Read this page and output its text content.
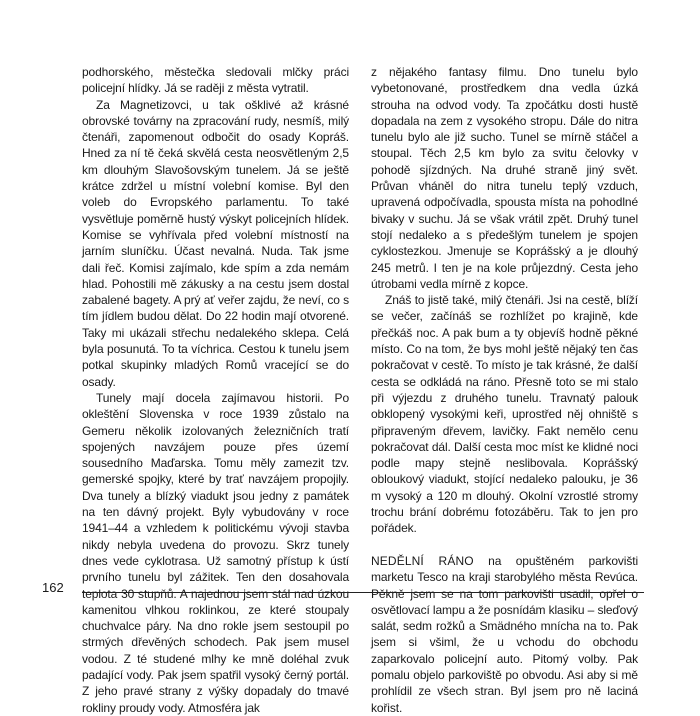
podhorského, městečka sledovali mlčky práci policejní hlídky. Já se raději z města vytratil.

Za Magnetizovci, u tak ošklivé až krásné obrovské továrny na zpracování rudy, nesmíš, milý čtenáři, zapomenout odbočit do osady Kopráš. Hned za ní tě čeká skvělá cesta neosvětleným 2,5 km dlouhým Slavošovským tunelem. Já se ještě krátce zdržel u místní volební komise. Byl den voleb do Evropského parlamentu. To také vysvětluje poměrně hustý výskyt policejních hlídek. Komise se vyhřívala před volební místností na jarním sluníčku. Účast nevalná. Nuda. Tak jsme dali řeč. Komisi zajímalo, kde spím a zda nemám hlad. Pohostili mě zákusky a na cestu jsem dostal zabalené bagety. A prý ať veřer zajdu, že neví, co s tím jídlem budou dělat. Do 22 hodin mají otvorené. Taky mi ukázali střechu nedalekého sklepa. Celá byla posunutá. To ta víchrica. Cestou k tunelu jsem potkal skupinky mladých Romů vracející se do osady.

Tunely mají docela zajímavou historii. Po okleštění Slovenska v roce 1939 zůstalo na Gemeru několik izolovaných železničních tratí spojených navzájem pouze přes území sousedního Maďarska. Tomu měly zamezit tzv. gemerské spojky, které by trať navzájem propojily. Dva tunely a blízký viadukt jsou jedny z památek na ten dávný projekt. Byly vybudovány v roce 1941–44 a vzhledem k politickému vývoji stavba nikdy nebyla uvedena do provozu. Skrz tunely dnes vede cyklotrasa. Už samotný přístup k ústí prvního tunelu byl zážitek. Ten den dosahovala teplota 30 stupňů. A najednou jsem stál nad úzkou kamenitou vlhkou roklinkou, ze které stoupaly chuchvalce páry. Na dno rokle jsem sestoupil po strmých dřevěných schodech. Pak jsem musel vodou. Z té studené mlhy ke mně doléhal zvuk padající vody. Pak jsem spatřil vysoký černý portál. Z jeho pravé strany z výšky dopadaly do tmavé rokliny proudy vody. Atmosféra jak

z nějakého fantasy filmu. Dno tunelu bylo vybetonované, prostředkem dna vedla úzká strouha na odvod vody. Ta zpočátku dosti hustě dopadala na zem z vysokého stropu. Dále do nitra tunelu bylo ale již sucho. Tunel se mírně stáčel a stoupal. Těch 2,5 km bylo za svitu čelovky v pohodě sjízdných. Na druhé straně jiný svět. Průvan vháněl do nitra tunelu teplý vzduch, upravená odpočívadla, spousta místa na pohodlné bivaky v suchu. Já se však vrátil zpět. Druhý tunel stojí nedaleko a s předešlým tunelem je spojen cyklostezkou. Jmenuje se Koprášský a je dlouhý 245 metrů. I ten je na kole průjezdný. Cesta jeho útrobami vedla mírně z kopce.

Znáš to jistě také, milý čtenáři. Jsi na cestě, blíží se večer, začínáš se rozhlížet po krajině, kde přečkáš noc. A pak bum a ty objevíš hodně pěkné místo. Co na tom, že bys mohl ještě nějaký ten čas pokračovat v cestě. To místo je tak krásné, že další cesta se odkládá na ráno. Přesně toto se mi stalo při výjezdu z druhého tunelu. Travnatý palouk obklopený vysokými keři, uprostřed něj ohniště s připraveným dřevem, lavičky. Fakt nemělo cenu pokračovat dál. Další cesta moc míst ke klidné noci podle mapy stejně neslibovala. Koprášský obloukový viadukt, stojící nedaleko palouku, je 36 m vysoký a 120 m dlouhý. Okolní vzrostlé stromy trochu brání dobrému fotozáběru. Tak to jen pro pořádek.

NEDĚLNÍ RÁNO na opuštěném parkovišti marketu Tesco na kraji starobylého města Revúca. Pěkně jsem se na tom parkovišti usadil, opřel o osvětlovací lampu a že posnídám klasiku – sleďový salát, sedm rožků a Smädného mnícha na to. Pak jsem si všiml, že u vchodu do obchodu zaparkovalo policejní auto. Pitomý volby. Pak pomalu objelo parkoviště po obvodu. Asi aby si mě prohlídil ze všech stran. Byl jsem pro ně laciná kořist.

162
